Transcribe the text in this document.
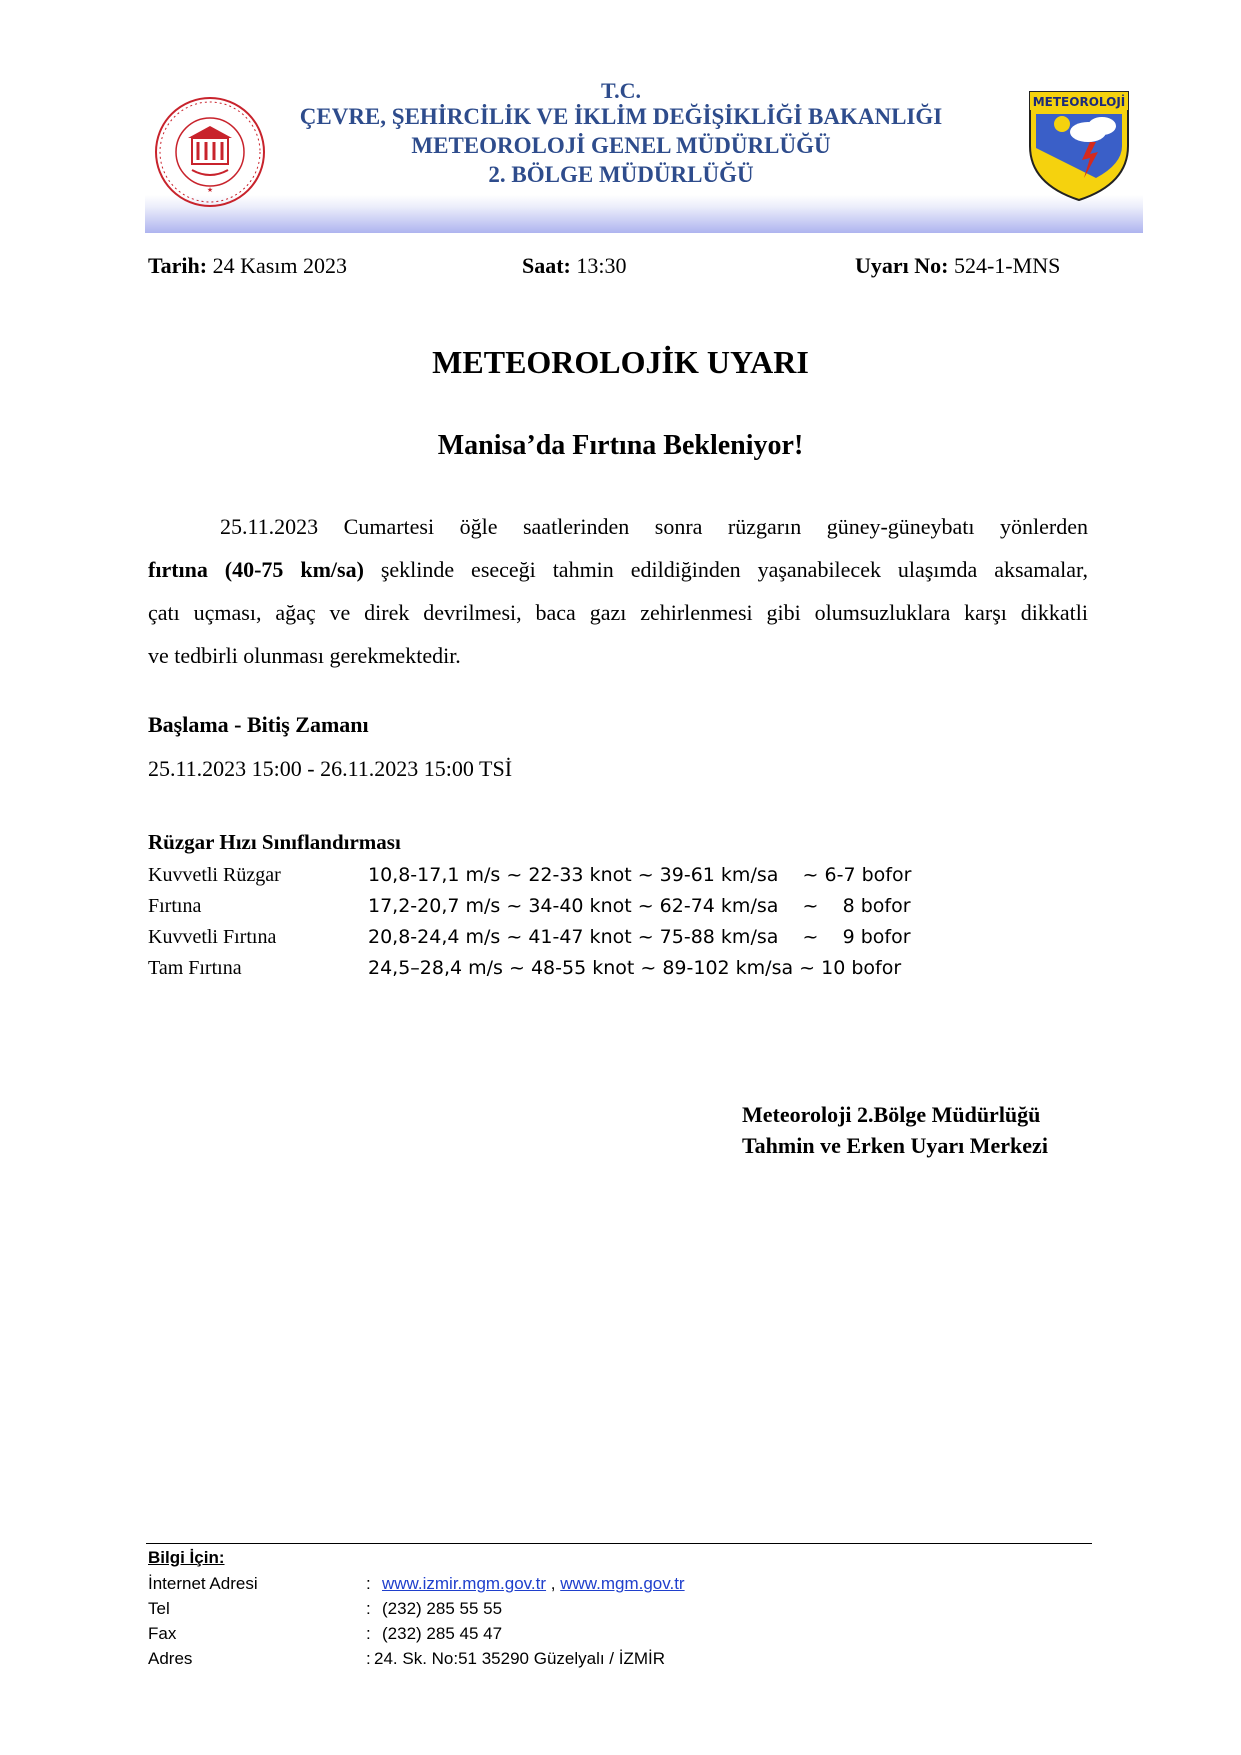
★
METEOROLOJİ
T.C.
ÇEVRE, ŞEHİRCİLİK VE İKLİM DEĞİŞİKLİĞİ BAKANLIĞI
METEOROLOJİ GENEL MÜDÜRLÜĞÜ
2. BÖLGE MÜDÜRLÜĞÜ
Tarih: 24 Kasım 2023	Saat: 13:30	Uyarı No: 524-1-MNS
METEOROLOJİK UYARI
Manisa’da Fırtına Bekleniyor!
25.11.2023 Cumartesi öğle saatlerinden sonra rüzgarın güney-güneybatı yönlerden
fırtına (40-75 km/sa) şeklinde eseceği tahmin edildiğinden yaşanabilecek ulaşımda aksamalar,
çatı uçması, ağaç ve direk devrilmesi, baca gazı zehirlenmesi gibi olumsuzluklara karşı dikkatli
ve tedbirli olunması gerekmektedir.
Başlama - Bitiş Zamanı
25.11.2023 15:00 - 26.11.2023 15:00 TSİ
Rüzgar Hızı Sınıflandırması
Kuvvetli Rüzgar	10,8-17,1 m/s ~ 22-33 knot ~ 39-61 km/sa    ~ 6-7 bofor
Fırtına	17,2-20,7 m/s ~ 34-40 knot ~ 62-74 km/sa    ~    8 bofor
Kuvvetli Fırtına	20,8-24,4 m/s ~ 41-47 knot ~ 75-88 km/sa    ~    9 bofor
Tam Fırtına	24,5–28,4 m/s ~ 48-55 knot ~ 89-102 km/sa ~ 10 bofor
Meteoroloji 2.Bölge Müdürlüğü
Tahmin ve Erken Uyarı Merkezi
Bilgi İçin:
İnternet Adresi	: www.izmir.mgm.gov.tr , www.mgm.gov.tr
Tel	: (232) 285 55 55
Fax	: (232) 285 45 47
Adres	: 24. Sk. No:51 35290 Güzelyalı / İZMİR
